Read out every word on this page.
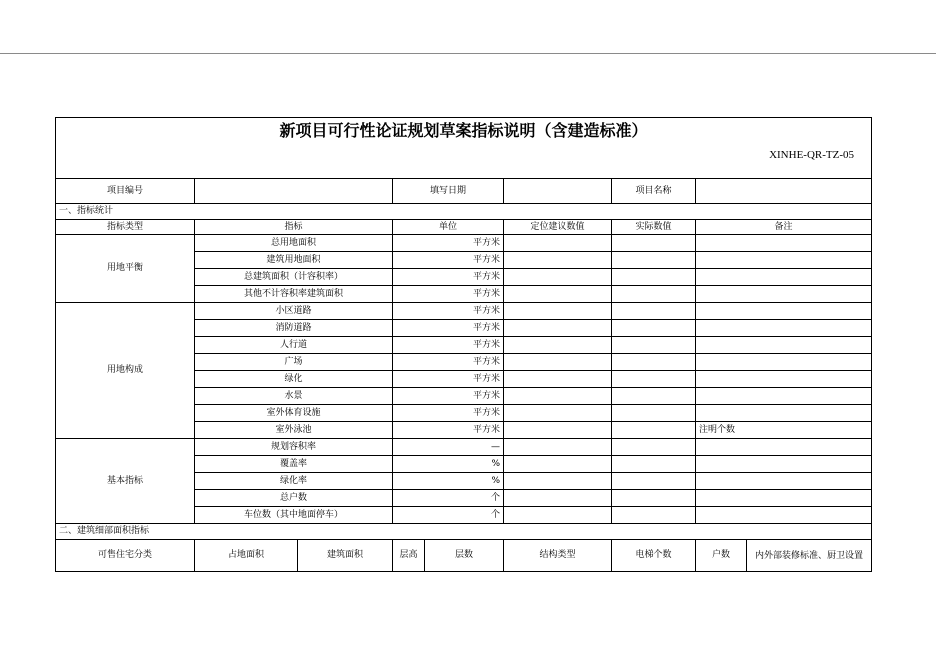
新项目可行性论证规划草案指标说明（含建造标准）
XINHE-QR-TZ-05								

项目编号			填写日期			项目名称		
一、指标统计								
指标类型	指标		单位		定位建议数值	实际数值	备注	
用地平衡	总用地面积		平方米					
	建筑用地面积		平方米					
	总建筑面积（计容积率）		平方米					
	其他不计容积率建筑面积		平方米					
用地构成	小区道路		平方米					
	消防道路		平方米					
	人行道		平方米					
	广场		平方米					
	绿化		平方米					
	水景		平方米					
	室外体育设施		平方米					
	室外泳池		平方米				注明个数	
基本指标	规划容积率		—					
	覆盖率		%					
	绿化率		%					
	总户数		个					
	车位数（其中地面停车）		个					
二、建筑细部面积指标								
可售住宅分类	占地面积	建筑面积	层高	层数	结构类型	电梯个数	户数	内外部装修标准、厨卫设置
